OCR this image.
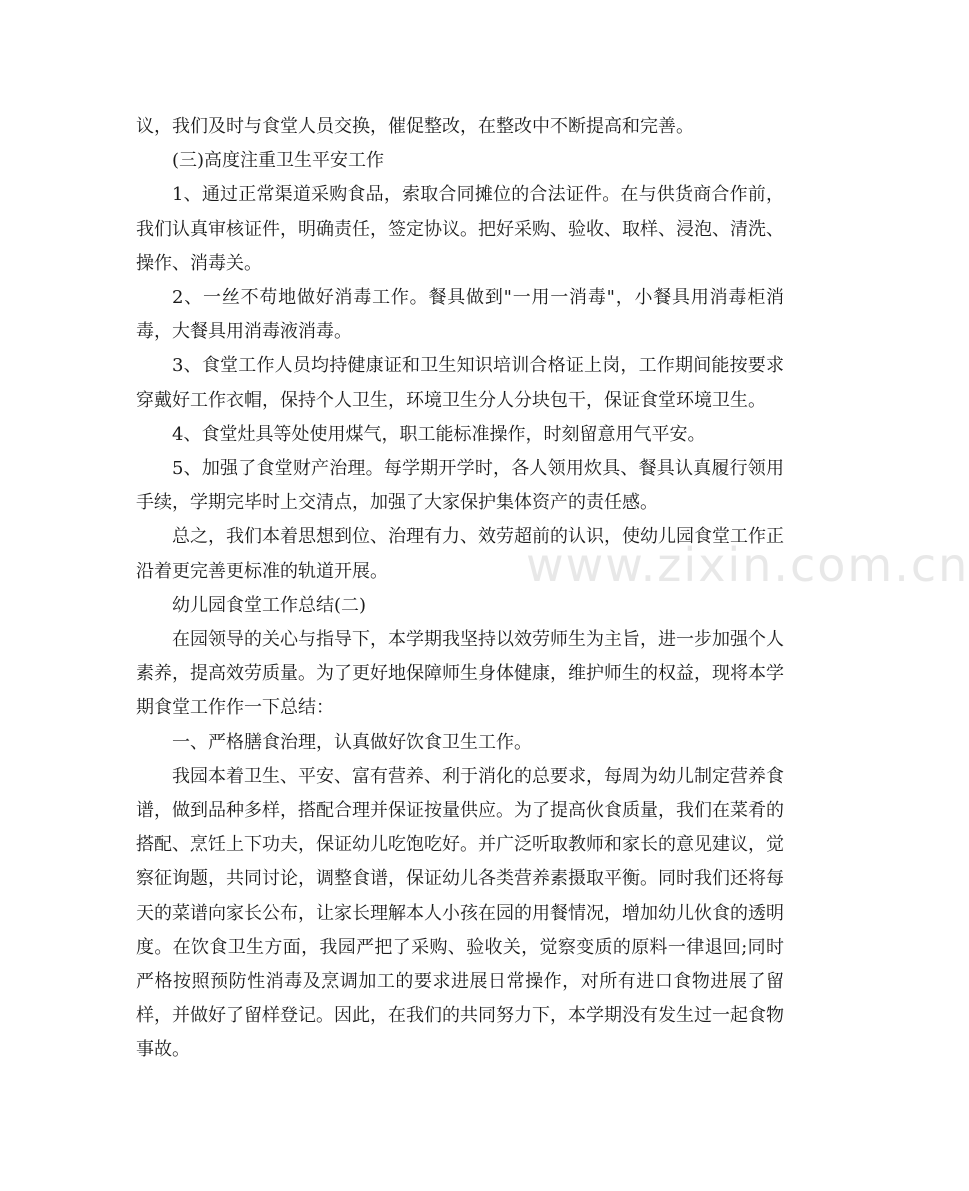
议，我们及时与食堂人员交换，催促整改，在整改中不断提高和完善。

(三)高度注重卫生平安工作

1、通过正常渠道采购食品，索取合同摊位的合法证件。在与供货商合作前，我们认真审核证件，明确责任，签定协议。把好采购、验收、取样、浸泡、清洗、操作、消毒关。

2、一丝不苟地做好消毒工作。餐具做到"一用一消毒"，小餐具用消毒柜消毒，大餐具用消毒液消毒。

3、食堂工作人员均持健康证和卫生知识培训合格证上岗，工作期间能按要求穿戴好工作衣帽，保持个人卫生，环境卫生分人分块包干，保证食堂环境卫生。

4、食堂灶具等处使用煤气，职工能标准操作，时刻留意用气平安。

5、加强了食堂财产治理。每学期开学时，各人领用炊具、餐具认真履行领用手续，学期完毕时上交清点，加强了大家保护集体资产的责任感。

总之，我们本着思想到位、治理有力、效劳超前的认识，使幼儿园食堂工作正沿着更完善更标准的轨道开展。

幼儿园食堂工作总结(二)

在园领导的关心与指导下，本学期我坚持以效劳师生为主旨，进一步加强个人素养，提高效劳质量。为了更好地保障师生身体健康，维护师生的权益，现将本学期食堂工作作一下总结：

一、严格膳食治理，认真做好饮食卫生工作。

我园本着卫生、平安、富有营养、利于消化的总要求，每周为幼儿制定营养食谱，做到品种多样，搭配合理并保证按量供应。为了提高伙食质量，我们在菜肴的搭配、烹饪上下功夫，保证幼儿吃饱吃好。并广泛听取教师和家长的意见建议，觉察征询题，共同讨论，调整食谱，保证幼儿各类营养素摄取平衡。同时我们还将每天的菜谱向家长公布，让家长理解本人小孩在园的用餐情况，增加幼儿伙食的透明度。在饮食卫生方面，我园严把了采购、验收关，觉察变质的原料一律退回;同时严格按照预防性消毒及烹调加工的要求进展日常操作，对所有进口食物进展了留样，并做好了留样登记。因此，在我们的共同努力下，本学期没有发生过一起食物事故。

www.zixin.com.cn
